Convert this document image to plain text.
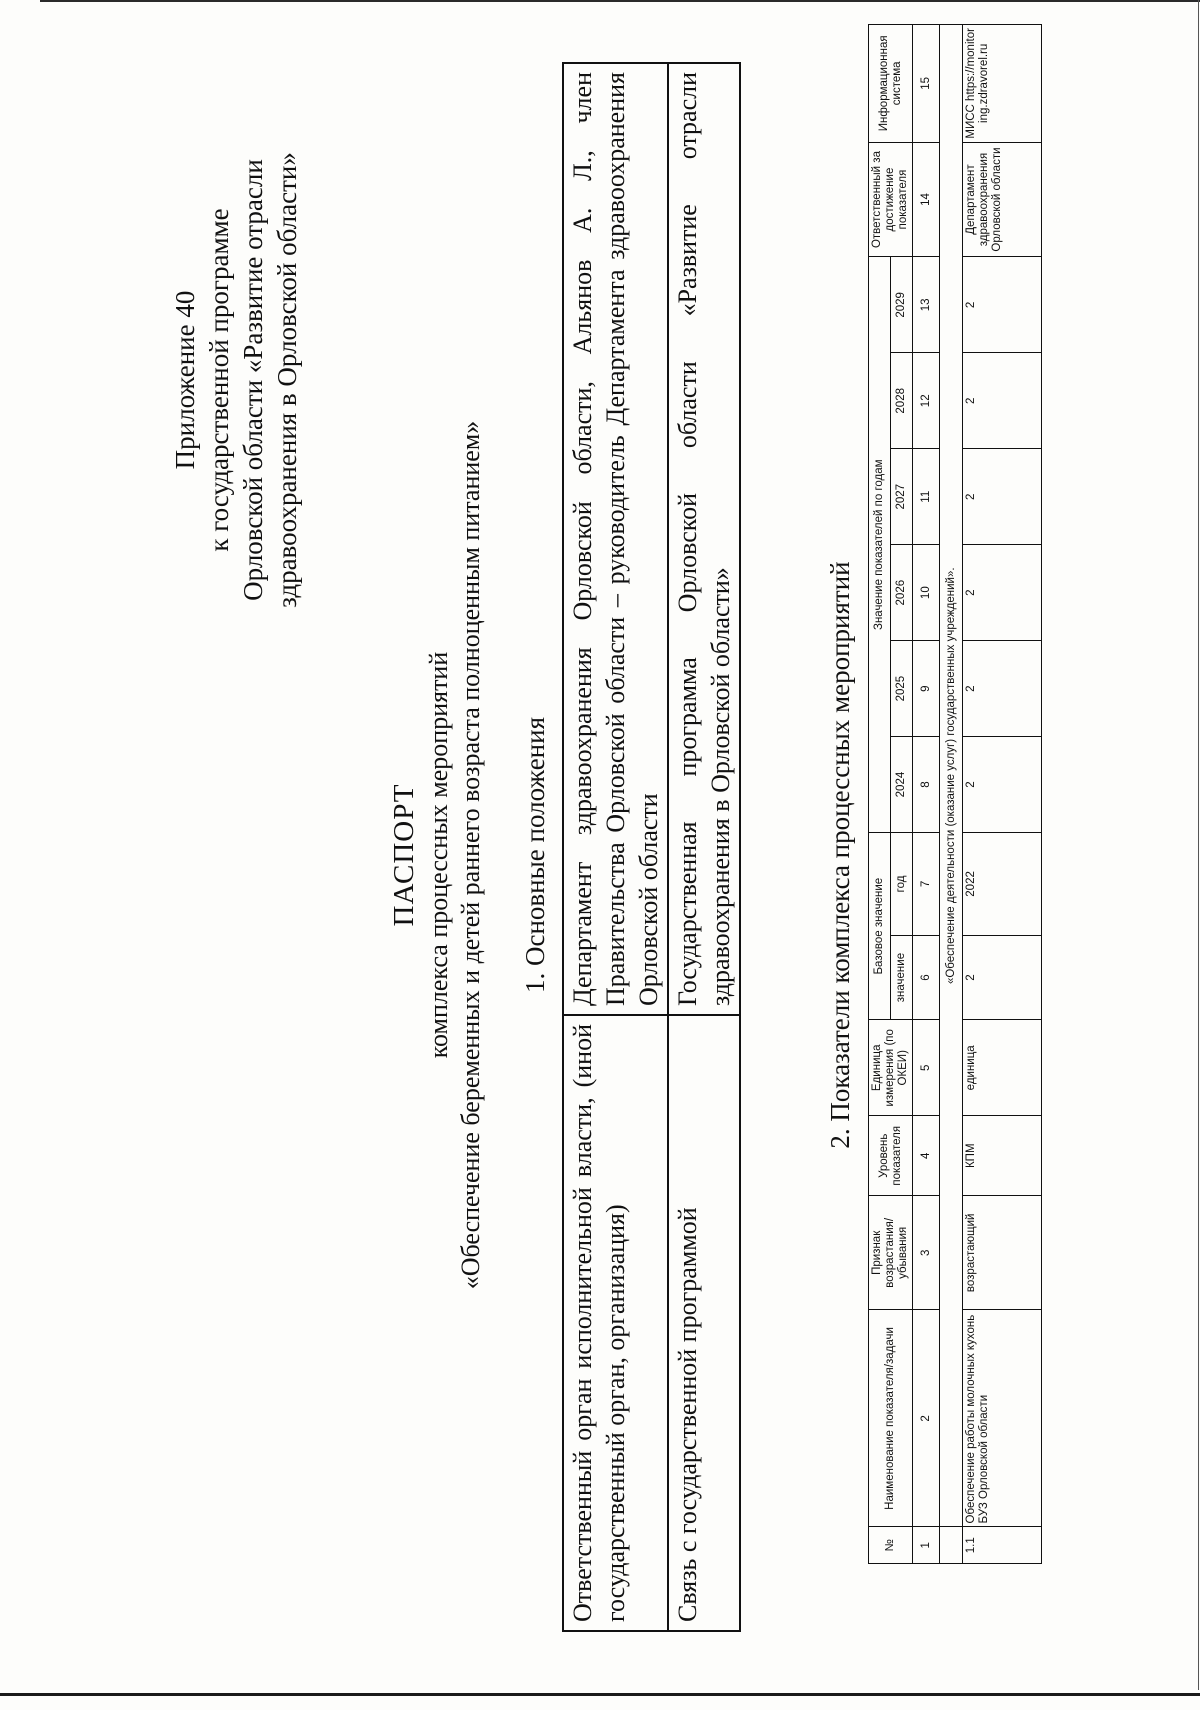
Приложение 40 к государственной программе Орловской области «Развитие отрасли здравоохранения в Орловской области»
ПАСПОРТ комплекса процессных мероприятий «Обеспечение беременных и детей раннего возраста полноценным питанием» 1. Основные положения
Ответственный орган исполнительной власти, (иной государственный орган, организация)	Департамент здравоохранения Орловской области, Альянов А. Л., член Правительства Орловской области – руководитель Департамента здравоохранения Орловской области
Связь с государственной программой	Государственная программа Орловской области «Развитие отрасли здравоохранения в Орловской области»	2. Показатели комплекса процессных мероприятий
№	Наименование показателя/задачи	Признак возрастания/ убывания	Уровень показателя	Единица измерения (по ОКЕИ)	Базовое значение		Значение показателей по годам						Ответственный за достижение показателя	Информационная система
					значение	год	2024	2025	2026	2027	2028	2029		
1	2	3	4	5	6	7	8	9	10	11	12	13	14	15
	«Обеспечение деятельности (оказание услуг) государственных учреждений».													
1.1	Обеспечение работы молочных кухонь БУЗ Орловской области	возрастающий	КПМ	единица	2	2022	2	2	2	2	2	2	Департамент здравоохранения Орловской области	МИСС https://monitoring.zdravorel.ru
